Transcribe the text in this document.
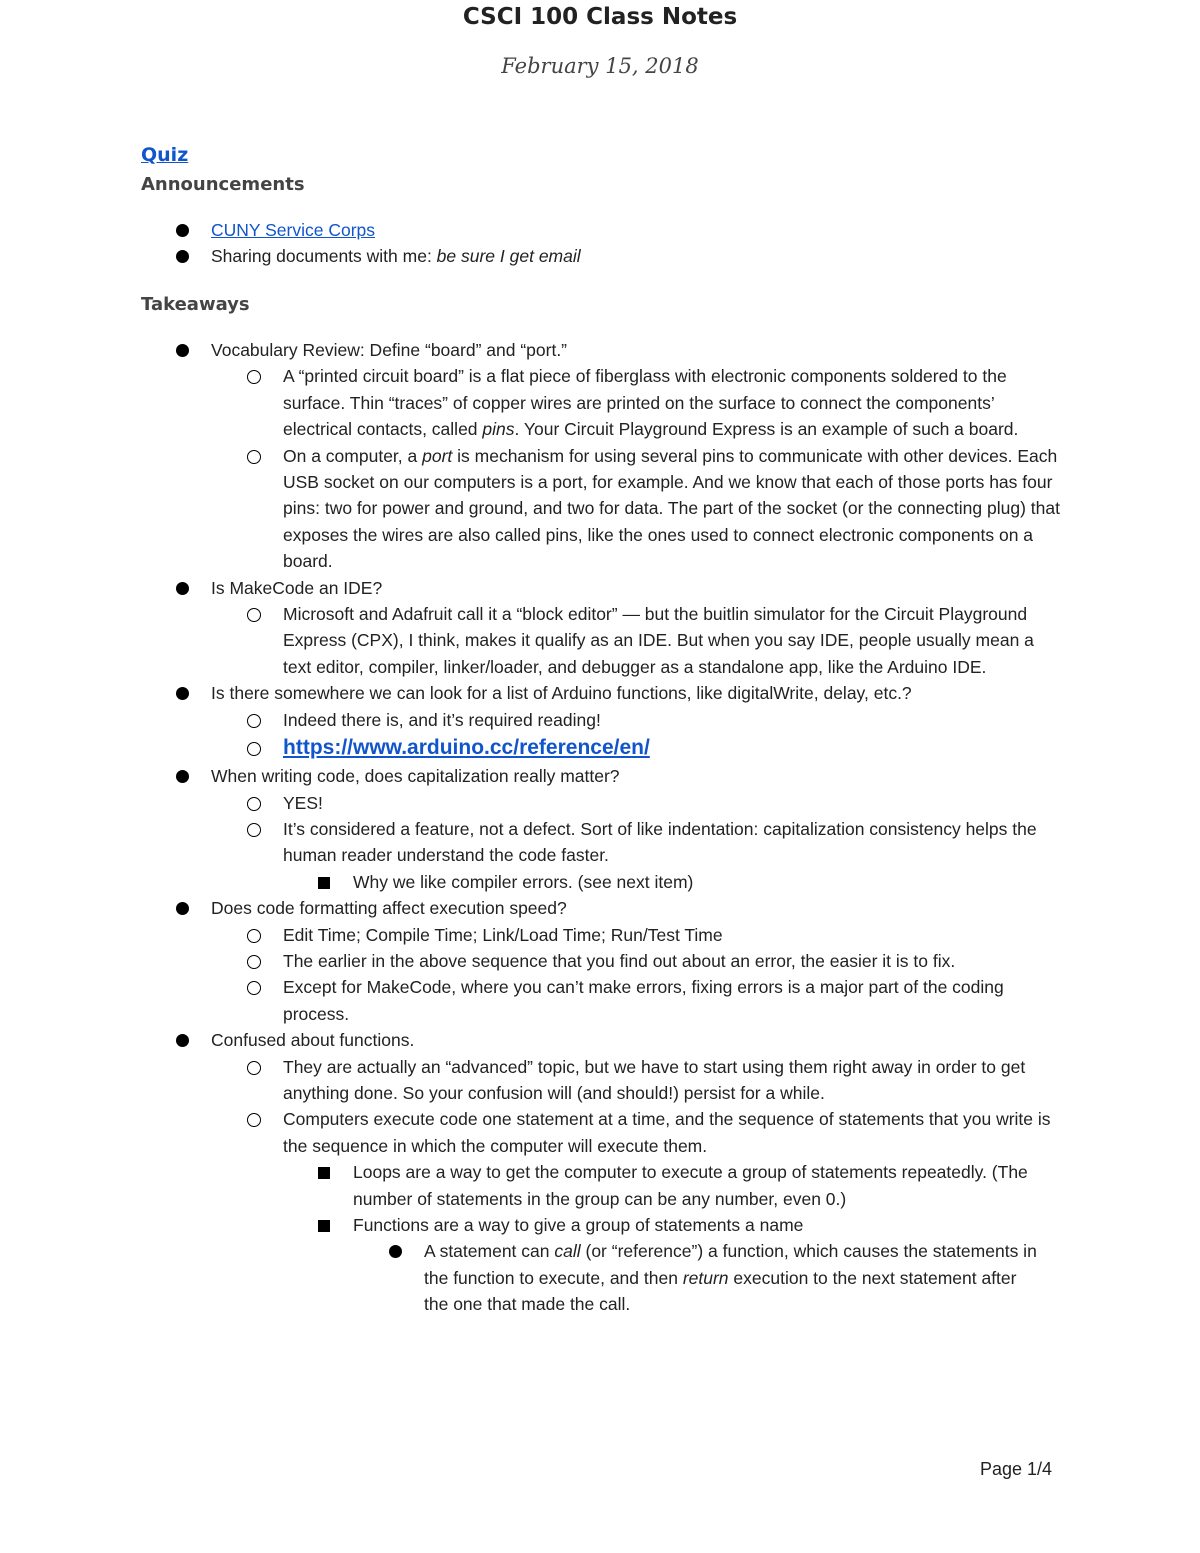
CSCI 100 Class Notes
February 15, 2018
Quiz
Announcements
CUNY Service Corps
Sharing documents with me: be sure I get email
Takeaways
Vocabulary Review: Define “board” and “port.”
A “printed circuit board” is a flat piece of fiberglass with electronic components soldered to the surface. Thin “traces” of copper wires are printed on the surface to connect the components’ electrical contacts, called pins. Your Circuit Playground Express is an example of such a board.
On a computer, a port is mechanism for using several pins to communicate with other devices. Each USB socket on our computers is a port, for example. And we know that each of those ports has four pins: two for power and ground, and two for data. The part of the socket (or the connecting plug) that exposes the wires are also called pins, like the ones used to connect electronic components on a board.
Is MakeCode an IDE?
Microsoft and Adafruit call it a “block editor” — but the buitlin simulator for the Circuit Playground Express (CPX), I think, makes it qualify as an IDE. But when you say IDE, people usually mean a text editor, compiler, linker/loader, and debugger as a standalone app, like the Arduino IDE.
Is there somewhere we can look for a list of Arduino functions, like digitalWrite, delay, etc.?
Indeed there is, and it’s required reading!
https://www.arduino.cc/reference/en/
When writing code, does capitalization really matter?
YES!
It’s considered a feature, not a defect. Sort of like indentation: capitalization consistency helps the human reader understand the code faster.
Why we like compiler errors. (see next item)
Does code formatting affect execution speed?
Edit Time; Compile Time; Link/Load Time; Run/Test Time
The earlier in the above sequence that you find out about an error, the easier it is to fix.
Except for MakeCode, where you can’t make errors, fixing errors is a major part of the coding process.
Confused about functions.
They are actually an “advanced” topic, but we have to start using them right away in order to get anything done. So your confusion will (and should!) persist for a while.
Computers execute code one statement at a time, and the sequence of statements that you write is the sequence in which the computer will execute them.
Loops are a way to get the computer to execute a group of statements repeatedly. (The number of statements in the group can be any number, even 0.)
Functions are a way to give a group of statements a name
A statement can call (or “reference”) a function, which causes the statements in the function to execute, and then return execution to the next statement after the one that made the call.
Page 1/4
